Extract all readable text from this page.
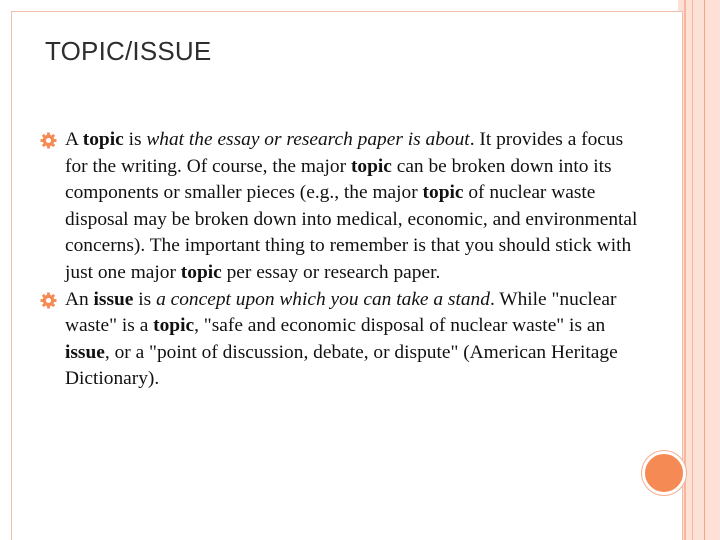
TOPIC/ISSUE
A topic is what the essay or research paper is about. It provides a focus for the writing. Of course, the major topic can be broken down into its components or smaller pieces (e.g., the major topic of nuclear waste disposal may be broken down into medical, economic, and environmental concerns). The important thing to remember is that you should stick with just one major topic per essay or research paper.
An issue is a concept upon which you can take a stand. While "nuclear waste" is a topic, "safe and economic disposal of nuclear waste" is an issue, or a "point of discussion, debate, or dispute" (American Heritage Dictionary).
